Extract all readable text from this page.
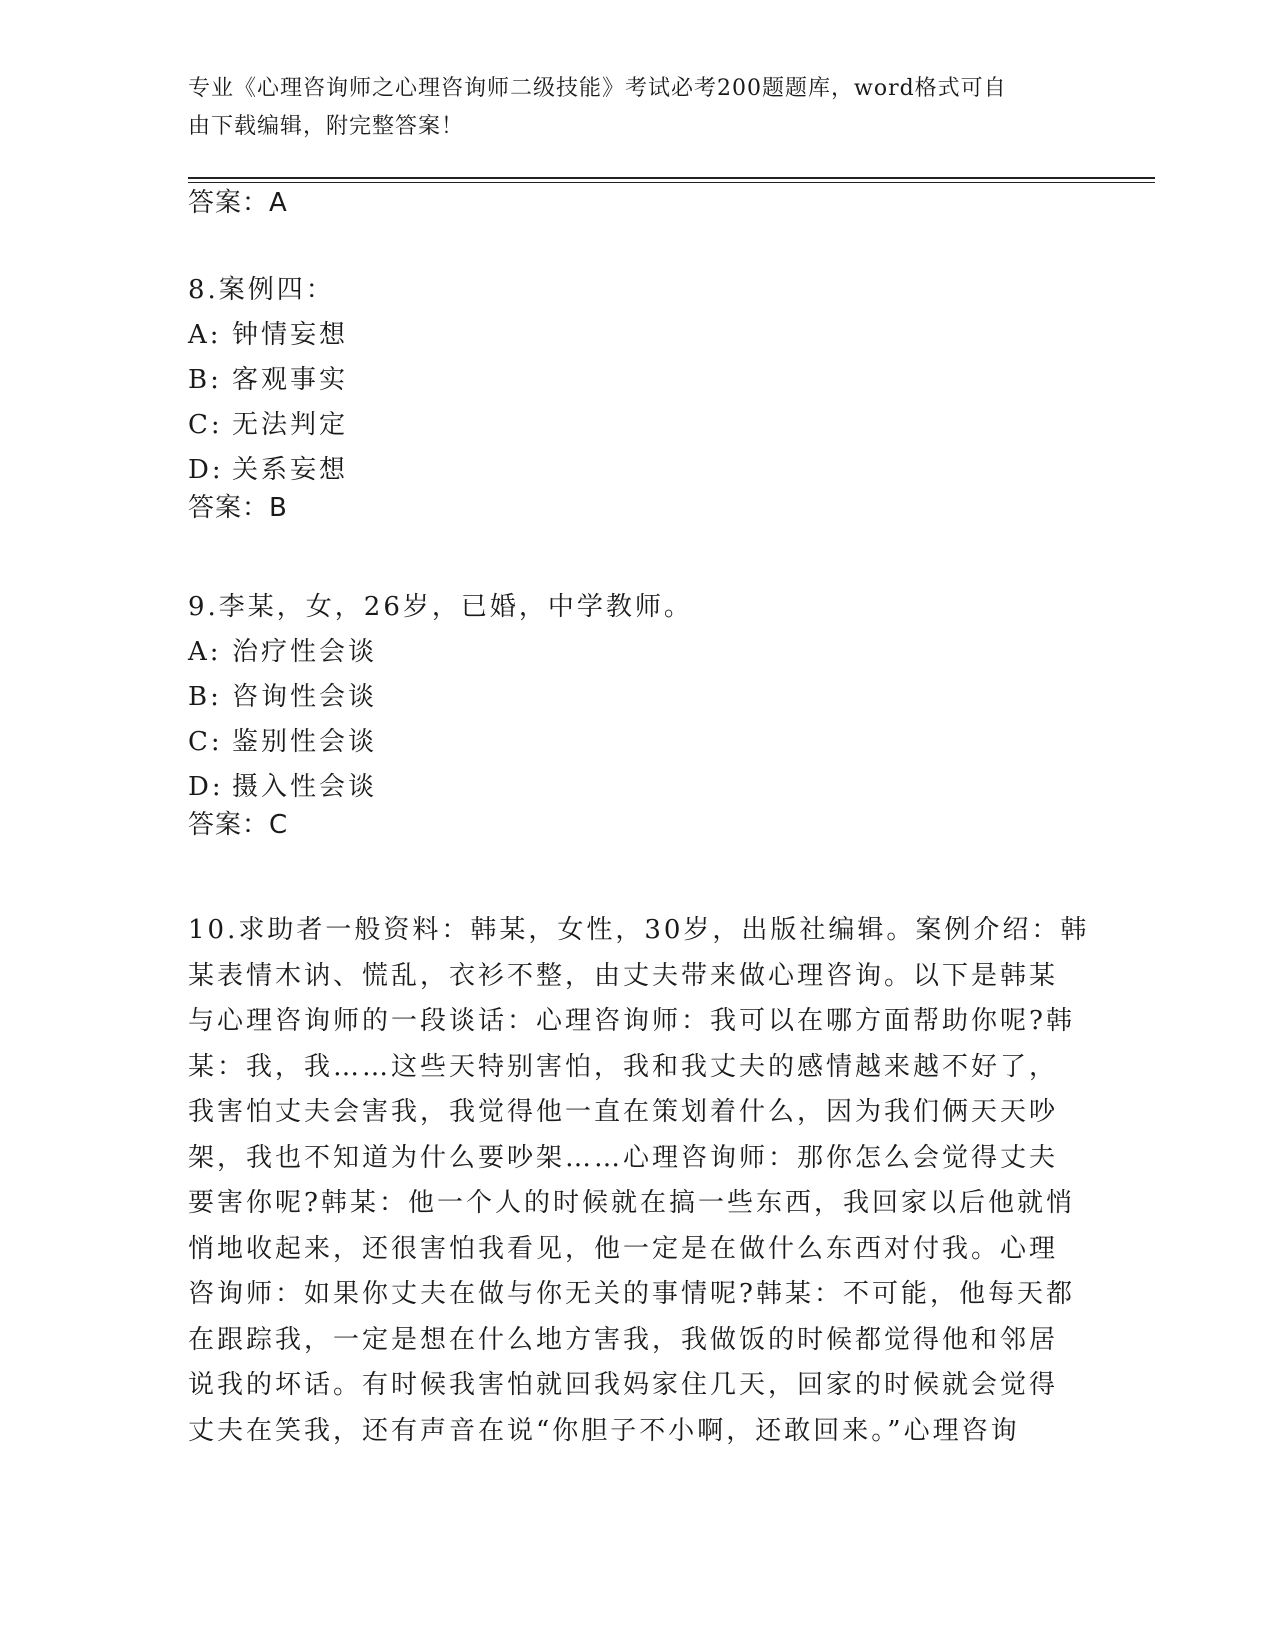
专业《心理咨询师之心理咨询师二级技能》考试必考200题题库，word格式可自
由下载编辑，附完整答案！
答案：A
8.案例四：
A: 钟情妄想
B: 客观事实
C: 无法判定
D: 关系妄想
答案：B
9.李某，女，26岁，已婚，中学教师。
A: 治疗性会谈
B: 咨询性会谈
C: 鉴别性会谈
D: 摄入性会谈
答案：C
10.求助者一般资料：韩某，女性，30岁，出版社编辑。案例介绍：韩
某表情木讷、慌乱，衣衫不整，由丈夫带来做心理咨询。以下是韩某
与心理咨询师的一段谈话：心理咨询师：我可以在哪方面帮助你呢?韩
某：我，我……这些天特别害怕，我和我丈夫的感情越来越不好了，
我害怕丈夫会害我，我觉得他一直在策划着什么，因为我们俩天天吵
架，我也不知道为什么要吵架……心理咨询师：那你怎么会觉得丈夫
要害你呢?韩某：他一个人的时候就在搞一些东西，我回家以后他就悄
悄地收起来，还很害怕我看见，他一定是在做什么东西对付我。心理
咨询师：如果你丈夫在做与你无关的事情呢?韩某：不可能，他每天都
在跟踪我，一定是想在什么地方害我，我做饭的时候都觉得他和邻居
说我的坏话。有时候我害怕就回我妈家住几天，回家的时候就会觉得
丈夫在笑我，还有声音在说“你胆子不小啊，还敢回来。”心理咨询
